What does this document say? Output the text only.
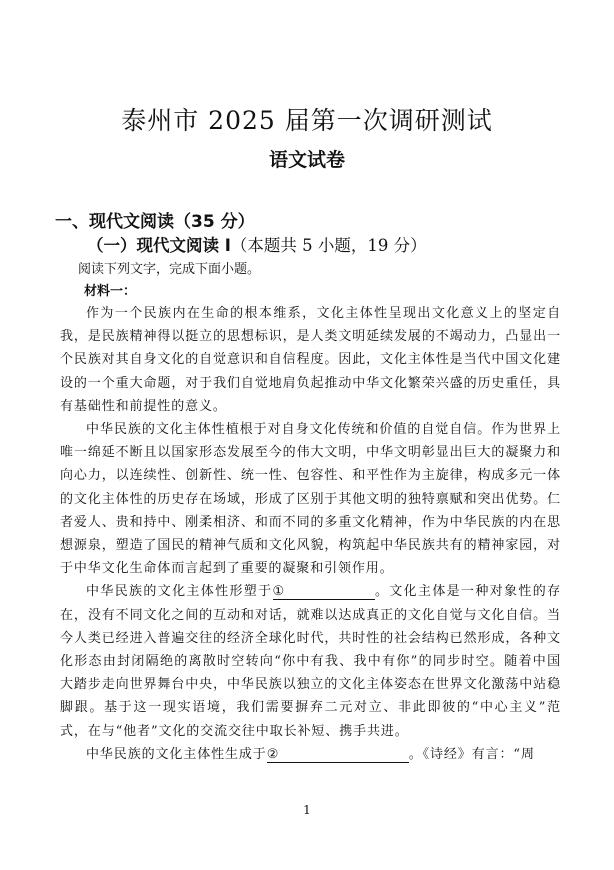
泰州市 2025 届第一次调研测试
语文试卷
一、现代文阅读（35 分）
（一）现代文阅读 I（本题共 5 小题，19 分）
阅读下列文字，完成下面小题。
材料一：

作为一个民族内在生命的根本维系，文化主体性呈现出文化意义上的坚定自我，是民族精神得以挺立的思想标识，是人类文明延续发展的不竭动力，凸显出一个民族对其自身文化的自觉意识和自信程度。因此，文化主体性是当代中国文化建设的一个重大命题，对于我们自觉地肩负起推动中华文化繁荣兴盛的历史重任，具有基础性和前提性的意义。

中华民族的文化主体性植根于对自身文化传统和价值的自觉自信。作为世界上唯一绵延不断且以国家形态发展至今的伟大文明，中华文明彰显出巨大的凝聚力和向心力，以连续性、创新性、统一性、包容性、和平性作为主旋律，构成多元一体的文化主体性的历史存在场域，形成了区别于其他文明的独特禀赋和突出优势。仁者爱人、贵和持中、刚柔相济、和而不同的多重文化精神，作为中华民族的内在思想源泉，塑造了国民的精神气质和文化风貌，构筑起中华民族共有的精神家园，对于中华文化生命体而言起到了重要的凝聚和引领作用。

中华民族的文化主体性形塑于①	。文化主体是一种对象性的存在，没有不同文化之间的互动和对话，就难以达成真正的文化自觉与文化自信。当今人类已经进入普遍交往的经济全球化时代，共时性的社会结构已然形成，各种文化形态由封闭隔绝的离散时空转向“你中有我、我中有你”的同步时空。随着中国大踏步走向世界舞台中央，中华民族以独立的文化主体姿态在世界文化激荡中站稳脚跟。基于这一现实语境，我们需要摒弃二元对立、非此即彼的“中心主义”范式，在与“他者”文化的交流交往中取长补短、携手共进。

中华民族的文化主体性生成于②	。《诗经》有言：“周

1
